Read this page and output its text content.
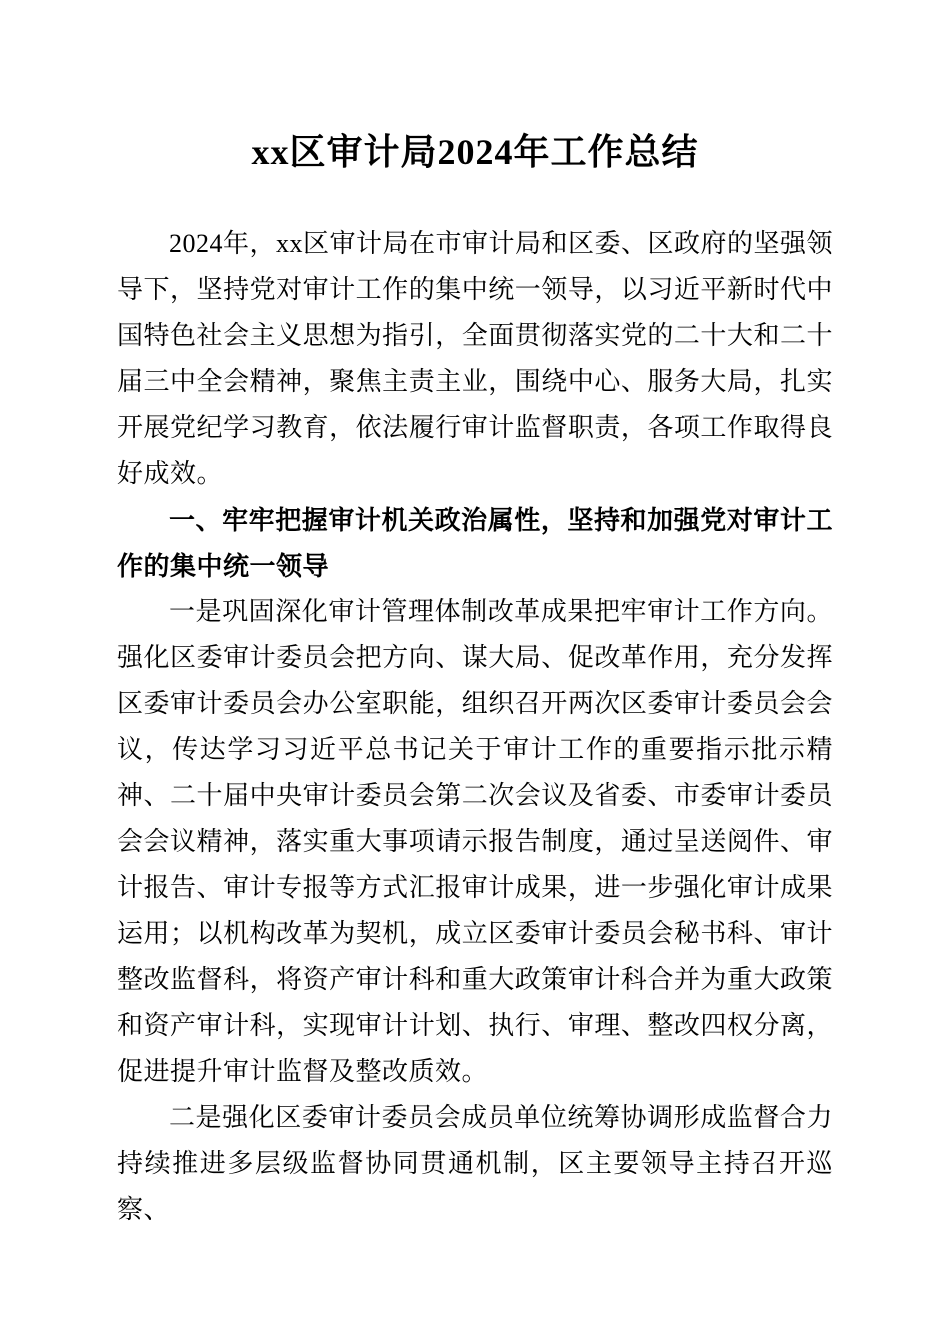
xx区审计局2024年工作总结

2024年，xx区审计局在市审计局和区委、区政府的坚强领导下，坚持党对审计工作的集中统一领导，以习近平新时代中国特色社会主义思想为指引，全面贯彻落实党的二十大和二十届三中全会精神，聚焦主责主业，围绕中心、服务大局，扎实开展党纪学习教育，依法履行审计监督职责，各项工作取得良好成效。

一、牢牢把握审计机关政治属性，坚持和加强党对审计工作的集中统一领导

一是巩固深化审计管理体制改革成果把牢审计工作方向。强化区委审计委员会把方向、谋大局、促改革作用，充分发挥区委审计委员会办公室职能，组织召开两次区委审计委员会会议，传达学习习近平总书记关于审计工作的重要指示批示精神、二十届中央审计委员会第二次会议及省委、市委审计委员会会议精神，落实重大事项请示报告制度，通过呈送阅件、审计报告、审计专报等方式汇报审计成果，进一步强化审计成果运用；以机构改革为契机，成立区委审计委员会秘书科、审计整改监督科，将资产审计科和重大政策审计科合并为重大政策和资产审计科，实现审计计划、执行、审理、整改四权分离，促进提升审计监督及整改质效。

二是强化区委审计委员会成员单位统筹协调形成监督合力持续推进多层级监督协同贯通机制，区主要领导主持召开巡察、
